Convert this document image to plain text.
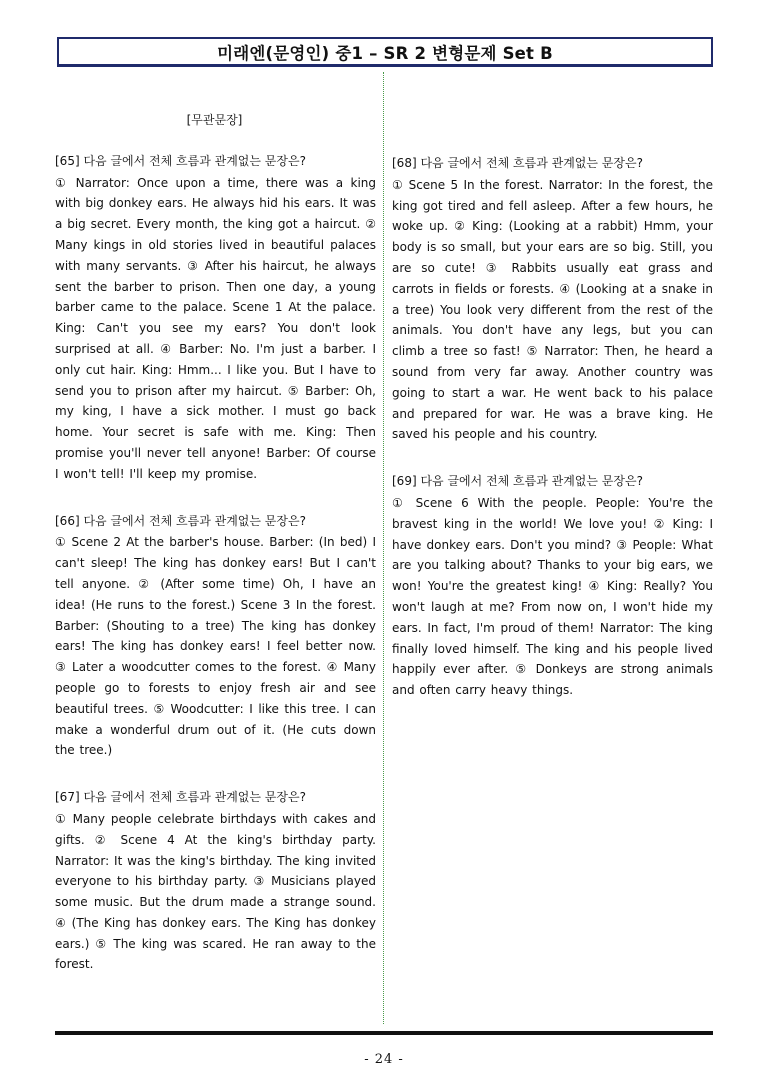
미래엔(문영인) 중1 – SR 2 변형문제 Set B
[무관문장]
[65] 다음 글에서 전체 흐름과 관계없는 문장은?
① Narrator: Once upon a time, there was a king with big donkey ears. He always hid his ears. It was a big secret. Every month, the king got a haircut. ② Many kings in old stories lived in beautiful palaces with many servants. ③ After his haircut, he always sent the barber to prison. Then one day, a young barber came to the palace. Scene 1 At the palace. King: Can't you see my ears? You don't look surprised at all. ④ Barber: No. I'm just a barber. I only cut hair. King: Hmm... I like you. But I have to send you to prison after my haircut. ⑤ Barber: Oh, my king, I have a sick mother. I must go back home. Your secret is safe with me. King: Then promise you'll never tell anyone! Barber: Of course I won't tell! I'll keep my promise.
[66] 다음 글에서 전체 흐름과 관계없는 문장은?
① Scene 2 At the barber's house. Barber: (In bed) I can't sleep! The king has donkey ears! But I can't tell anyone. ② (After some time) Oh, I have an idea! (He runs to the forest.) Scene 3 In the forest. Barber: (Shouting to a tree) The king has donkey ears! The king has donkey ears! I feel better now. ③ Later a woodcutter comes to the forest. ④ Many people go to forests to enjoy fresh air and see beautiful trees. ⑤ Woodcutter: I like this tree. I can make a wonderful drum out of it. (He cuts down the tree.)
[67] 다음 글에서 전체 흐름과 관계없는 문장은?
① Many people celebrate birthdays with cakes and gifts. ② Scene 4 At the king's birthday party. Narrator: It was the king's birthday. The king invited everyone to his birthday party. ③ Musicians played some music. But the drum made a strange sound. ④ (The King has donkey ears. The King has donkey ears.) ⑤ The king was scared. He ran away to the forest.
[68] 다음 글에서 전체 흐름과 관계없는 문장은?
① Scene 5 In the forest. Narrator: In the forest, the king got tired and fell asleep. After a few hours, he woke up. ② King: (Looking at a rabbit) Hmm, your body is so small, but your ears are so big. Still, you are so cute! ③ Rabbits usually eat grass and carrots in fields or forests. ④ (Looking at a snake in a tree) You look very different from the rest of the animals. You don't have any legs, but you can climb a tree so fast! ⑤ Narrator: Then, he heard a sound from very far away. Another country was going to start a war. He went back to his palace and prepared for war. He was a brave king. He saved his people and his country.
[69] 다음 글에서 전체 흐름과 관계없는 문장은?
① Scene 6 With the people. People: You're the bravest king in the world! We love you! ② King: I have donkey ears. Don't you mind? ③ People: What are you talking about? Thanks to your big ears, we won! You're the greatest king! ④ King: Really? You won't laugh at me? From now on, I won't hide my ears. In fact, I'm proud of them! Narrator: The king finally loved himself. The king and his people lived happily ever after. ⑤ Donkeys are strong animals and often carry heavy things.
- 24 -
